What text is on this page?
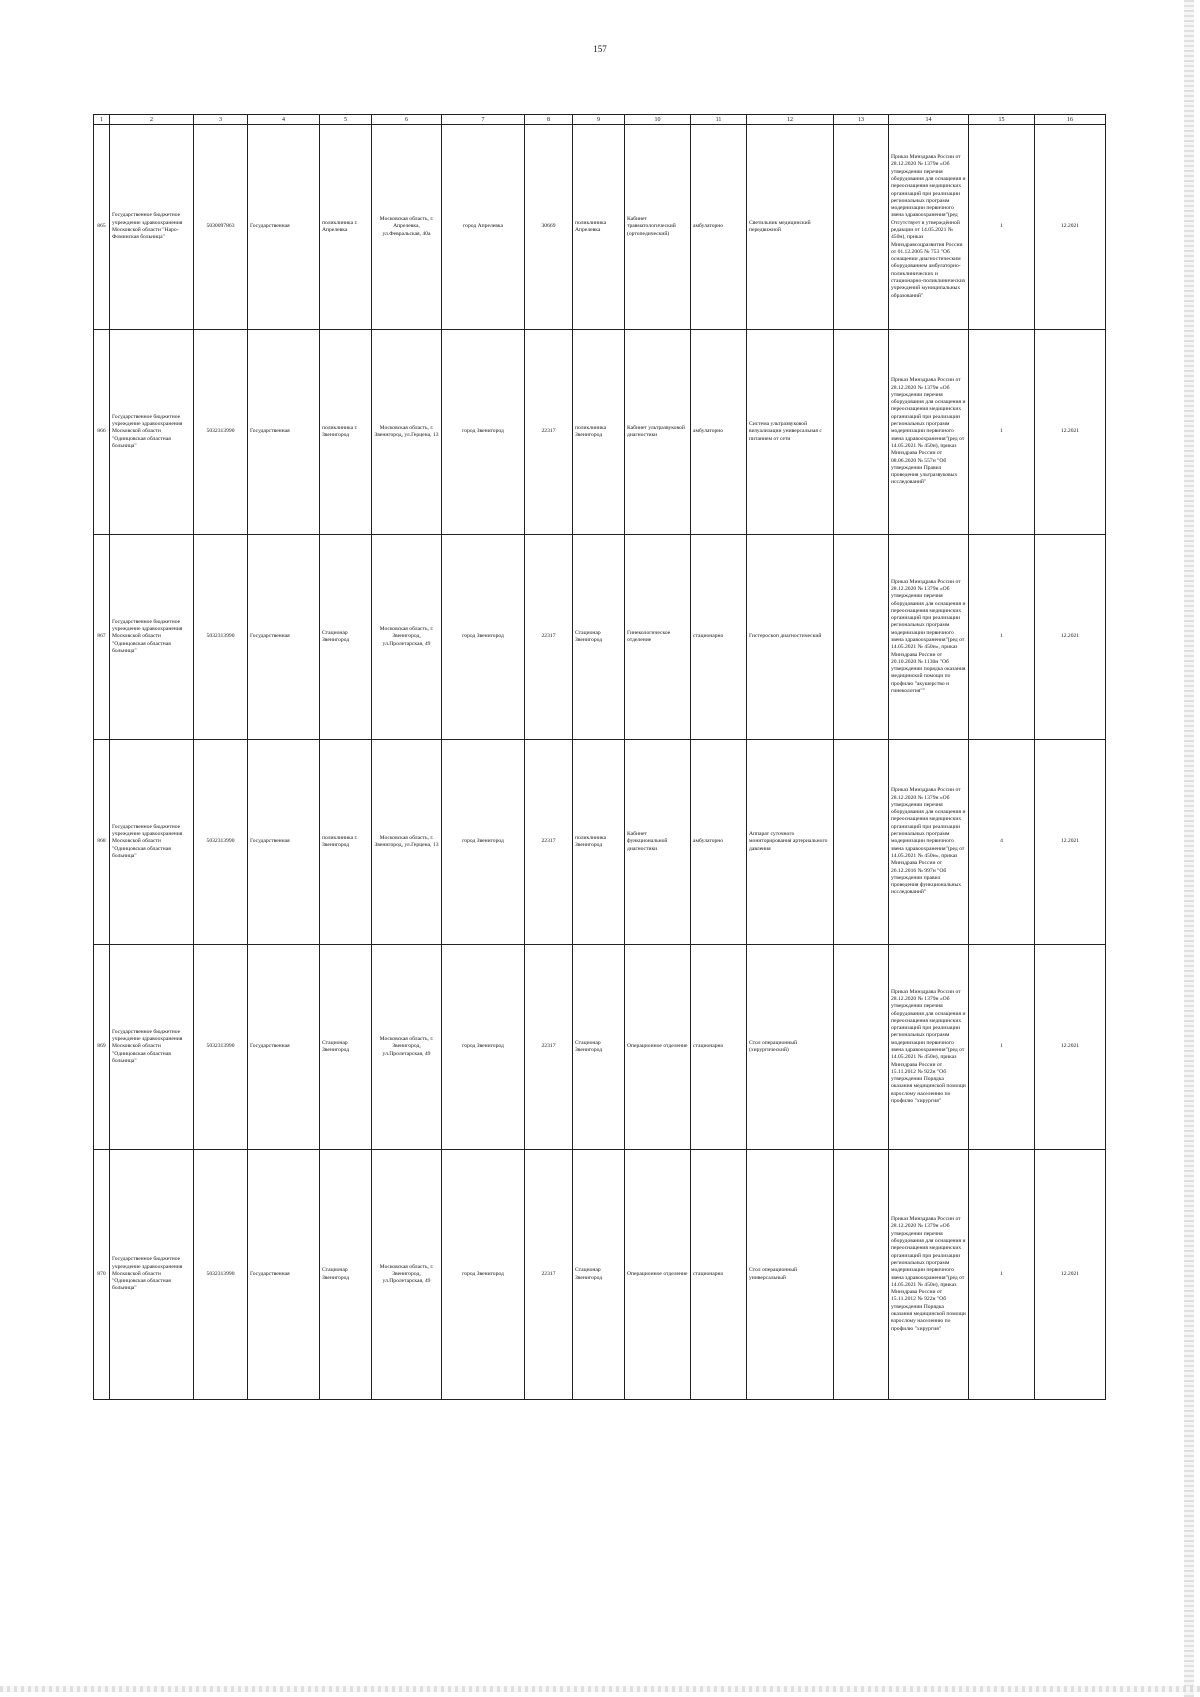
157
1	2	3	4	5	6	7	8	9	10	11	12	13	14	15	16
865	Государственное бюджетное учреждение здравоохранения Московской области "Наро-Фоминская больница"	5030097863	Государственная	поликлиника г. Апрелевка	Московская область, г. Апрелевка, ул.Февральская, 40а	город Апрелевка	30669	поликлиника Апрелевка	Кабинет травматологический (ортопедический)	амбулаторно	Светильник медицинский передвижной		Приказ Минздрава России от 28.12.2020 № 1379н «Об утверждении перечня оборудования для оснащения и переоснащения медицинских организаций при реализации региональных программ модернизации первичного звена здравоохранения"(ред Отсутствует в утверждённой редакции от 14.05.2021 № 450н), приказ Минздравсоцразвития России от 01.12.2005 № 753 "Об оснащении диагностическим оборудованием амбулаторно-поликлинических и стационарно-поликлинических учреждений муниципальных образований"	1	12.2021
866	Государственное бюджетное учреждение здравоохранения Московской области "Одинцовская областная больница"	5032313990	Государственная	поликлиника г. Звенигород	Московская область, г. Звенигород, ул.Герцена, 13	город Звенигород	22317	поликлиника Звенигород	Кабинет ультразвуковой диагностики	амбулаторно	Система ультразвуковой визуализации универсальная с питанием от сети		Приказ Минздрава России от 28.12.2020 № 1379н «Об утверждении перечня оборудования для оснащения и переоснащения медицинских организаций при реализации региональных программ модернизации первичного звена здравоохранения"(ред от 14.05.2021 № 450н), приказ Минздрава России от 08.06.2020 № 557н "Об утверждении Правил проведения ультразвуковых исследований"	1	12.2021
867	Государственное бюджетное учреждение здравоохранения Московской области "Одинцовская областная больница"	5032313990	Государственная	Стационар Звенигород	Московская область, г. Звенигород, ул.Пролетарская, 49	город Звенигород	22317	Стационар Звенигород	Гинекологическое отделение	стационарно	Гистероскоп диагностический		Приказ Минздрава России от 28.12.2020 № 1379н «Об утверждении перечня оборудования для оснащения и переоснащения медицинских организаций при реализации региональных программ модернизации первичного звена здравоохранения"(ред от 14.05.2021 № 450н», приказ Минздрава России от 20.10.2020 № 1130н "Об утверждении порядка оказания медицинской помощи по профилю "акушерство и гинекология""	1	12.2021
868	Государственное бюджетное учреждение здравоохранения Московской области "Одинцовская областная больница"	5032313990	Государственная	поликлиника г. Звенигород	Московская область, г. Звенигород, ул.Герцена, 13	город Звенигород	22317	поликлиника Звенигород	Кабинет функциональной диагностики	амбулаторно	Аппарат суточного мониторирования артериального давления		Приказ Минздрава России от 28.12.2020 № 1379н «Об утверждении перечня оборудования для оснащения и переоснащения медицинских организаций при реализации региональных программ модернизации первичного звена здравоохранения"(ред от 14.05.2021 № 450н», приказ Минздрава России от 26.12.2016 № 997н "Об утверждении правил проведения функциональных исследований"	4	12.2021
869	Государственное бюджетное учреждение здравоохранения Московской области "Одинцовская областная больница"	5032313990	Государственная	Стационар Звенигород	Московская область, г. Звенигород, ул.Пролетарская, 49	город Звенигород	22317	Стационар Звенигород	Операционное отделение	стационарно	Стол операционный (хирургический)		Приказ Минздрава России от 28.12.2020 № 1379н «Об утверждении перечня оборудования для оснащения и переоснащения медицинских организаций при реализации региональных программ модернизации первичного звена здравоохранения"(ред от 14.05.2021 № 450н), приказ Минздрава России от 15.11.2012 № 922н "Об утверждении Порядка оказания медицинской помощи взрослому населению по профилю "хирургия"	1	12.2021
870	Государственное бюджетное учреждение здравоохранения Московской области "Одинцовская областная больница"	5032313990	Государственная	Стационар Звенигород	Московская область, г. Звенигород, ул.Пролетарская, 49	город Звенигород	22317	Стационар Звенигород	Операционное отделение	стационарно	Стол операционный универсальный		Приказ Минздрава России от 28.12.2020 № 1379н «Об утверждении перечня оборудования для оснащения и переоснащения медицинских организаций при реализации региональных программ модернизации первичного звена здравоохранения"(ред от 14.05.2021 № 450н), приказ Минздрава России от 15.11.2012 № 922н "Об утверждении Порядка оказания медицинской помощи взрослому населению по профилю "хирургия"	1	12.2021
